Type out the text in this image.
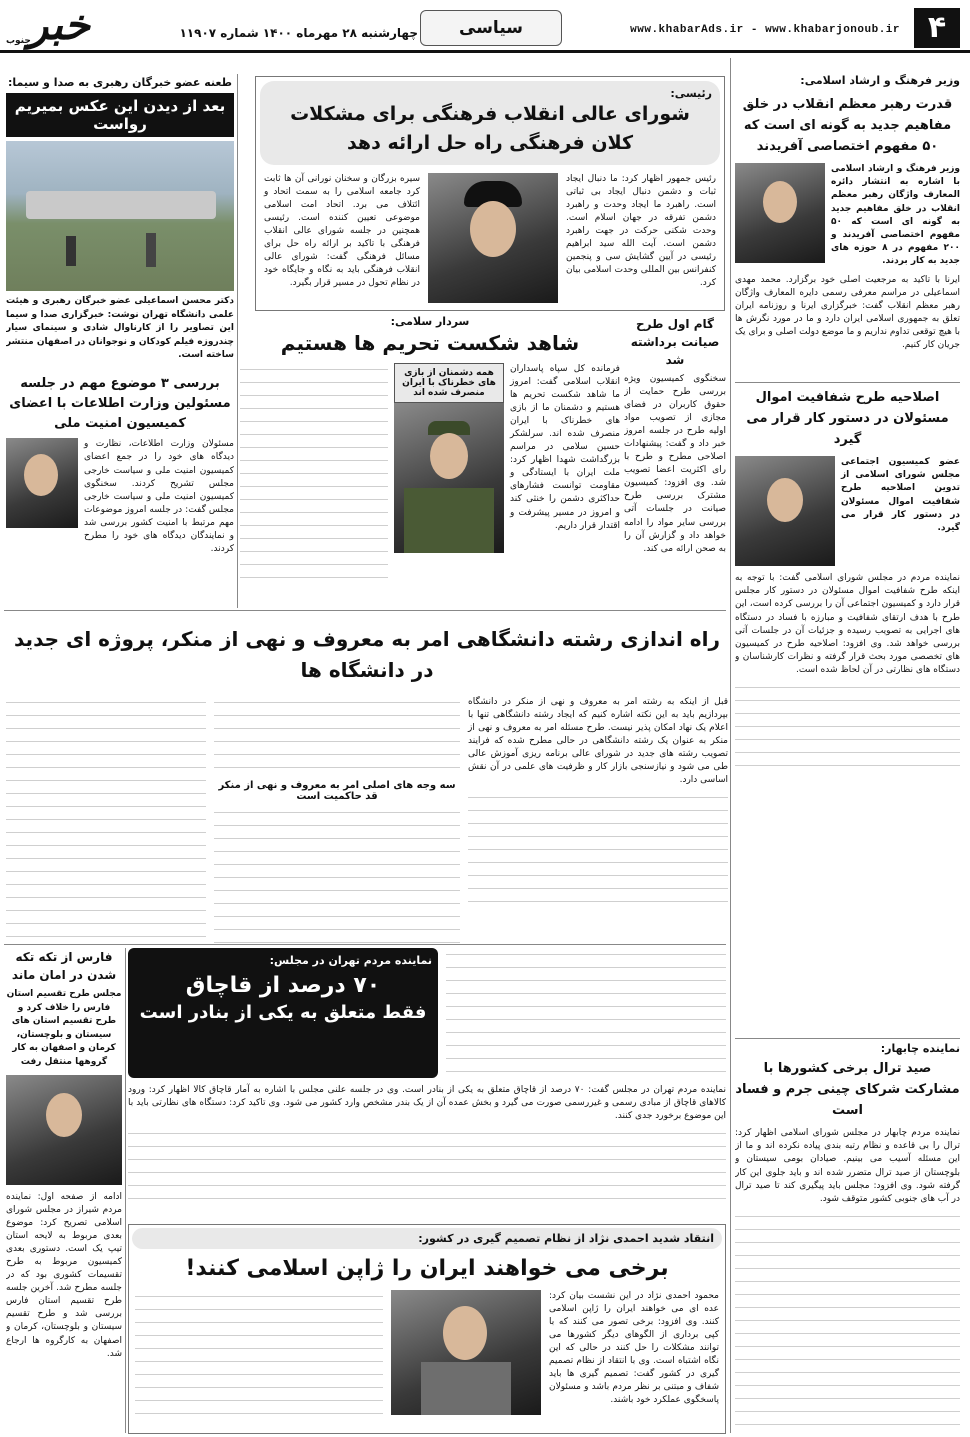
۴
www.khabarAds.ir - www.khabarjonoub.ir
سیاسی
چهارشنبه ۲۸ مهرماه ۱۴۰۰ شماره ۱۱۹۰۷
خبر
جنوب
وزیر فرهنگ و ارشاد اسلامی:
قدرت رهبر معظم انقلاب در خلق مفاهیم جدید به گونه ای است که ۵۰ مفهوم اختصاصی آفریدند
وزیر فرهنگ و ارشاد اسلامی با اشاره به انتشار دائره المعارف واژگان رهبر معظم انقلاب در خلق مفاهیم جدید به گونه ای است که ۵۰ مفهوم اختصاصی آفریدند و ۲۰۰ مفهوم در ۸ حوزه های جدید به کار بردند.
ایرنا با تاکید به مرجعیت اصلی خود برگزارد. محمد مهدی اسماعیلی در مراسم معرفی رسمی دایره المعارف واژگان رهبر معظم انقلاب گفت: خبرگزاری ایرنا و روزنامه ایران تعلق به جمهوری اسلامی ایران دارد و ما در مورد نگرش ها با هیچ توقعی تداوم نداریم و ما موضع دولت اصلی و برای یک جریان کار کنیم.
اصلاحیه طرح شفافیت اموال مسئولان در دستور کار قرار می گیرد
عضو کمیسیون اجتماعی مجلس شورای اسلامی از تدوین اصلاحیه طرح شفافیت اموال مسئولان در دستور کار قرار می گیرد.
نماینده مردم در مجلس شورای اسلامی گفت: با توجه به اینکه طرح شفافیت اموال مسئولان در دستور کار مجلس قرار دارد و کمیسیون اجتماعی آن را بررسی کرده است، این طرح با هدف ارتقای شفافیت و مبارزه با فساد در دستگاه های اجرایی به تصویب رسیده و جزئیات آن در جلسات آتی بررسی خواهد شد. وی افزود: اصلاحیه طرح در کمیسیون های تخصصی مورد بحث قرار گرفته و نظرات کارشناسان و دستگاه های نظارتی در آن لحاظ شده است.
نماینده چابهار:
صید ترال برخی کشورها با مشارکت شرکای چینی جرم و فساد است
نماینده مردم چابهار در مجلس شورای اسلامی اظهار کرد: ترال را بی قاعده و نظام رتبه بندی پیاده نکرده اند و ما از این مسئله آسیب می بینیم. صیادان بومی سیستان و بلوچستان از صید ترال متضرر شده اند و باید جلوی این کار گرفته شود. وی افزود: مجلس باید پیگیری کند تا صید ترال در آب های جنوبی کشور متوقف شود.
رئیسی:
شورای عالی انقلاب فرهنگی برای مشکلات کلان فرهنگی راه حل ارائه دهد
رئیس جمهور اظهار کرد: ما دنبال ایجاد ثبات و دشمن دنبال ایجاد بی ثباتی است. راهبرد ما ایجاد وحدت و راهبرد دشمن تفرقه در جهان اسلام است. وحدت شکنی حرکت در جهت راهبرد دشمن است. آیت الله سید ابراهیم رئیسی در آیین گشایش سی و پنجمین کنفرانس بین المللی وحدت اسلامی بیان کرد.
سیره بزرگان و سخنان نورانی آن ها ثابت کرد جامعه اسلامی را به سمت اتحاد و ائتلاف می برد. اتحاد امت اسلامی موضوعی تعیین کننده است. رئیسی همچنین در جلسه شورای عالی انقلاب فرهنگی با تاکید بر ارائه راه حل برای مسائل فرهنگی گفت: شورای عالی انقلاب فرهنگی باید به نگاه و جایگاه خود در نظام تحول در مسیر قرار بگیرد.
سردار سلامی:
شاهد شکست تحریم ها هستیم
فرمانده کل سپاه پاسداران انقلاب اسلامی گفت: امروز ما شاهد شکست تحریم ها هستیم و دشمنان ما از بازی های خطرناک با ایران منصرف شده اند. سرلشکر حسین سلامی در مراسم بزرگداشت شهدا اظهار کرد: ملت ایران با ایستادگی و مقاومت توانست فشارهای حداکثری دشمن را خنثی کند و امروز در مسیر پیشرفت و اقتدار قرار داریم.
همه دشمنان از بازی های خطرناک با ایران منصرف شده اند
گام اول طرح صیانت برداشته شد
سخنگوی کمیسیون ویژه بررسی طرح حمایت از حقوق کاربران در فضای مجازی از تصویب مواد اولیه طرح در جلسه امروز خبر داد و گفت: پیشنهادات اصلاحی مطرح و طرح با رای اکثریت اعضا تصویب شد. وی افزود: کمیسیون مشترک بررسی طرح صیانت در جلسات آتی بررسی سایر مواد را ادامه خواهد داد و گزارش آن را به صحن ارائه می کند.
طعنه عضو خبرگان رهبری به صدا و سیما:
بعد از دیدن این عکس بمیریم رواست
دکتر محسن اسماعیلی عضو خبرگان رهبری و هیئت علمی دانشگاه تهران نوشت: خبرگزاری صدا و سیما این تصاویر را از کارناوال شادی و سینمای سیار چندروزه فیلم کودکان و نوجوانان در اصفهان منتشر ساخته است.
بررسی ۳ موضوع مهم در جلسه مسئولین وزارت اطلاعات با اعضای کمیسیون امنیت ملی
مسئولان وزارت اطلاعات، نظارت و دیدگاه های خود را در جمع اعضای کمیسیون امنیت ملی و سیاست خارجی مجلس تشریح کردند. سخنگوی کمیسیون امنیت ملی و سیاست خارجی مجلس گفت: در جلسه امروز موضوعات مهم مرتبط با امنیت کشور بررسی شد و نمایندگان دیدگاه های خود را مطرح کردند.
راه اندازی رشته دانشگاهی امر به معروف و نهی از منکر، پروژه ای جدید در دانشگاه ها
قبل از اینکه به رشته امر به معروف و نهی از منکر در دانشگاه بپردازیم باید به این نکته اشاره کنیم که ایجاد رشته دانشگاهی تنها با اعلام یک نهاد امکان پذیر نیست. طرح مسئله امر به معروف و نهی از منکر به عنوان یک رشته دانشگاهی در حالی مطرح شده که فرایند تصویب رشته های جدید در شورای عالی برنامه ریزی آموزش عالی طی می شود و نیازسنجی بازار کار و ظرفیت های علمی در آن نقش اساسی دارد.
سه وجه های اصلی امر به معروف و نهی از منکر قد حاکمیت است
نماینده مردم تهران در مجلس:
۷۰ درصد از قاچاق
فقط متعلق به یکی از بنادر است
نماینده مردم تهران در مجلس گفت: ۷۰ درصد از قاچاق متعلق به یکی از بنادر است. وی در جلسه علنی مجلس با اشاره به آمار قاچاق کالا اظهار کرد: ورود کالاهای قاچاق از مبادی رسمی و غیررسمی صورت می گیرد و بخش عمده آن از یک بندر مشخص وارد کشور می شود. وی تاکید کرد: دستگاه های نظارتی باید با این موضوع برخورد جدی کنند.
فارس از تکه تکه شدن در امان ماند
مجلس طرح تقسیم استان فارس را خلاف کرد و طرح تقسیم استان های سیستان و بلوچستان، کرمان و اصفهان به کار گروهها منتقل رفت
ادامه از صفحه اول: نماینده مردم شیراز در مجلس شورای اسلامی تصریح کرد: موضوع بعدی مربوط به لایحه استان تیپ یک است. دستوری بعدی کمیسیون مربوط به طرح تقسیمات کشوری بود که در جلسه مطرح شد. آخرین جلسه طرح تقسیم استان فارس بررسی شد و طرح تقسیم سیستان و بلوچستان، کرمان و اصفهان به کارگروه ها ارجاع شد.
انتقاد شدید احمدی نژاد از نظام تصمیم گیری در کشور:
برخی می خواهند ایران را ژاپن اسلامی کنند!
محمود احمدی نژاد در این نشست بیان کرد: عده ای می خواهند ایران را ژاپن اسلامی کنند. وی افزود: برخی تصور می کنند که با کپی برداری از الگوهای دیگر کشورها می توانند مشکلات را حل کنند در حالی که این نگاه اشتباه است. وی با انتقاد از نظام تصمیم گیری در کشور گفت: تصمیم گیری ها باید شفاف و مبتنی بر نظر مردم باشد و مسئولان پاسخگوی عملکرد خود باشند.
